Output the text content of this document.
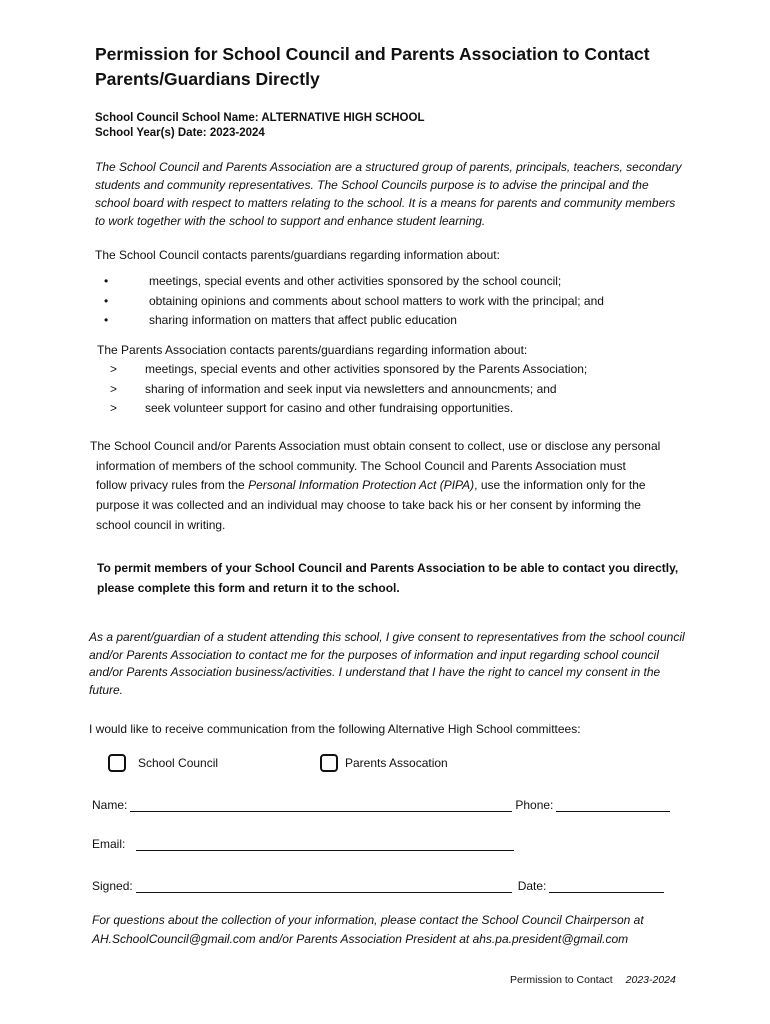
Permission for School Council and Parents Association to Contact Parents/Guardians Directly
School Council School Name: ALTERNATIVE HIGH SCHOOL
School Year(s) Date: 2023-2024
The School Council and Parents Association are a structured group of parents, principals, teachers, secondary students and community representatives. The School Councils purpose is to advise the principal and the school board with respect to matters relating to the school. It is a means for parents and community members to work together with the school to support and enhance student learning.
The School Council contacts parents/guardians regarding information about:
•	meetings, special events and other activities sponsored by the school council;
•	obtaining opinions and comments about school matters to work with the principal; and
•	sharing information on matters that affect public education
The Parents Association contacts parents/guardians regarding information about:
>	meetings, special events and other activities sponsored by the Parents Association;
>	sharing of information and seek input via newsletters and announcments; and
>	seek volunteer support for casino and other fundraising opportunities.
The School Council and/or Parents Association must obtain consent to collect, use or disclose any personal
information of members of the school community. The School Council and Parents Association must
follow privacy rules from the Personal Information Protection Act (PIPA), use the information only for the
purpose it was collected and an individual may choose to take back his or her consent by informing the
school council in writing.
To permit members of your School Council and Parents Association to be able to contact you directly, please complete this form and return it to the school.
As a parent/guardian of a student attending this school, I give consent to representatives from the school council and/or Parents Association to contact me for the purposes of information and input regarding school council and/or Parents Association business/activities. I understand that I have the right to cancel my consent in the future.
I would like to receive communication from the following Alternative High School committees:
School Council	Parents Assocation
Name:	Phone:
Email:
Signed:	Date:
For questions about the collection of your information, please contact the School Council Chairperson at AH.SchoolCouncil@gmail.com and/or Parents Association President at ahs.pa.president@gmail.com
Permission to Contact 2023-2024
